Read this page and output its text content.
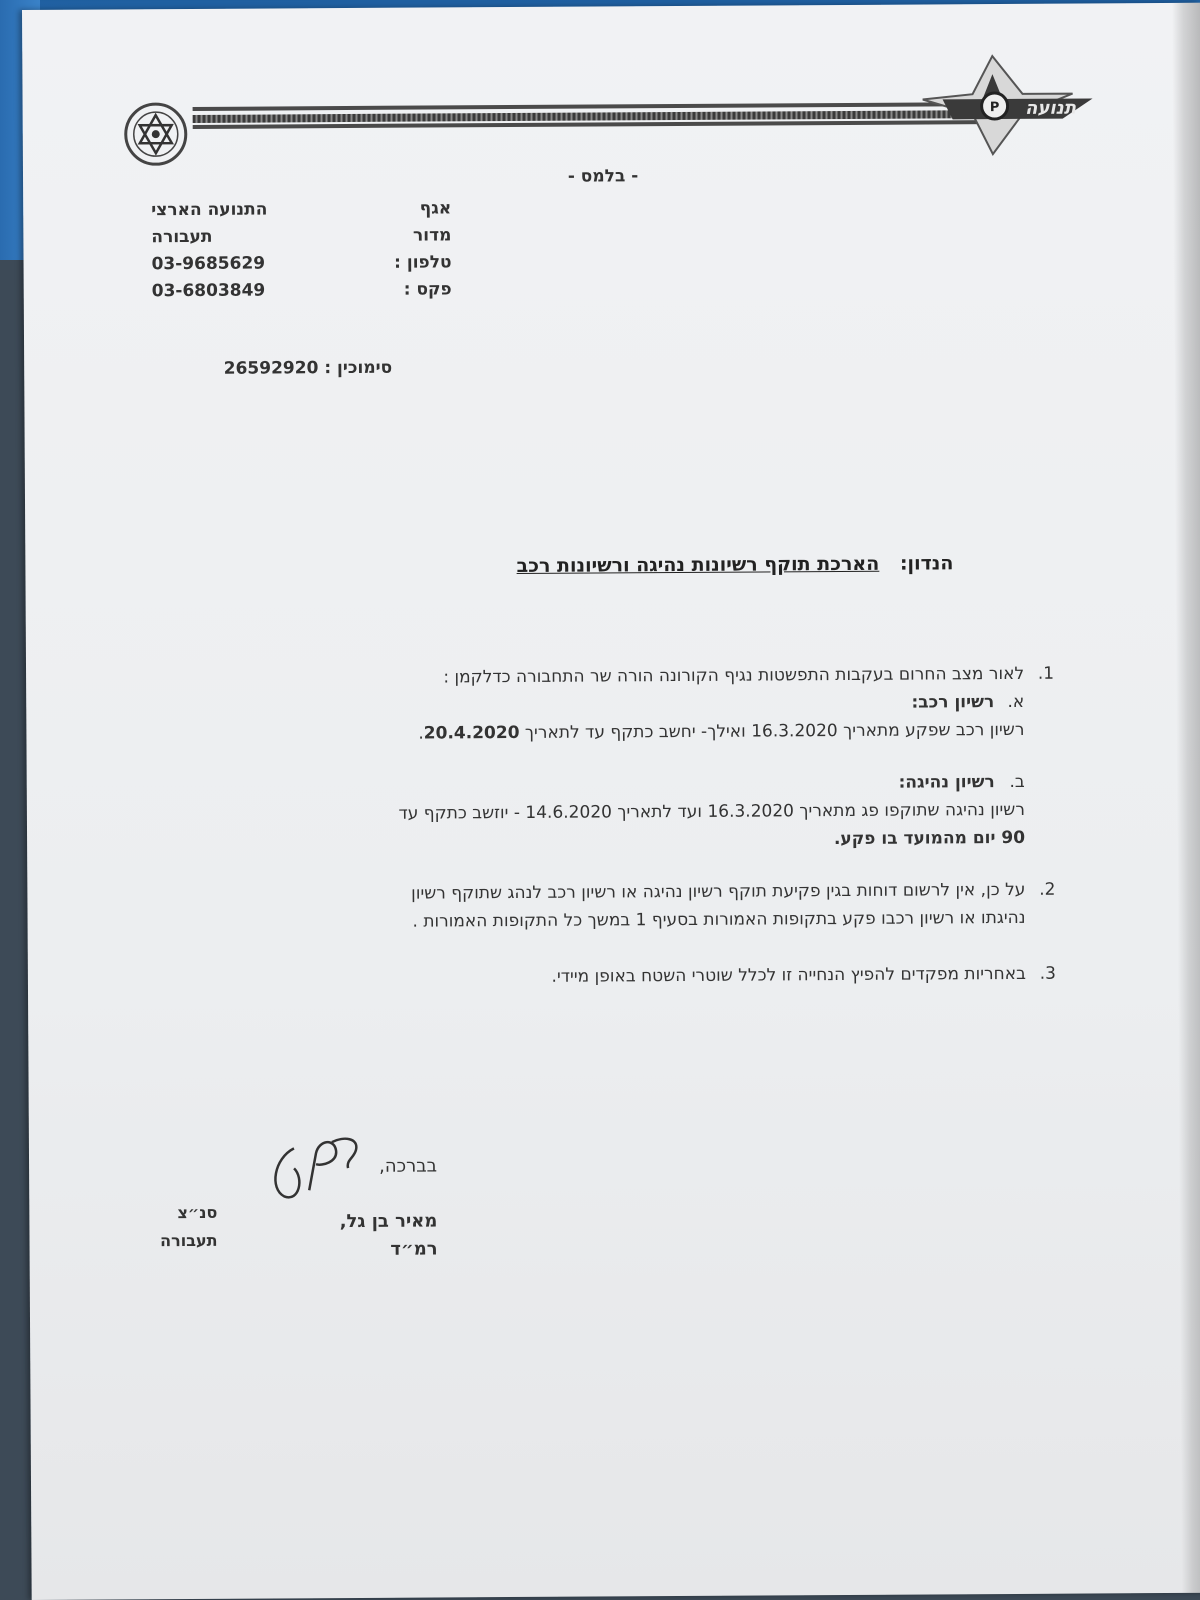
P תנועה
- בלמס -
אגף
התנועה הארצי
מדור
תעבורה
טלפון :
03-9685629
פקס :
03-6803849
סימוכין : 26592920
הנדון: הארכת תוקף רשיונות נהיגה ורשיונות רכב
1.
לאור מצב החרום בעקבות התפשטות נגיף הקורונה הורה שר התחבורה כדלקמן :
א.
רשיון רכב:
רשיון רכב שפקע מתאריך 16.3.2020 ואילך- יחשב כתקף עד לתאריך 20.4.2020.
ב.
רשיון נהיגה:
רשיון נהיגה שתוקפו פג מתאריך 16.3.2020 ועד לתאריך 14.6.2020 - יוזשב כתקף עד
90 יום מהמועד בו פקע.
2.
על כן, אין לרשום דוחות בגין פקיעת תוקף רשיון נהיגה או רשיון רכב לנהג שתוקף רשיון
נהיגתו או רשיון רכבו פקע בתקופות האמורות בסעיף 1 במשך כל התקופות האמורות .
3.
באחריות מפקדים להפיץ הנחייה זו לכלל שוטרי השטח באופן מיידי.
בברכה,
מאיר בן גל,
רמ״ד
סנ״צ
תעבורה
